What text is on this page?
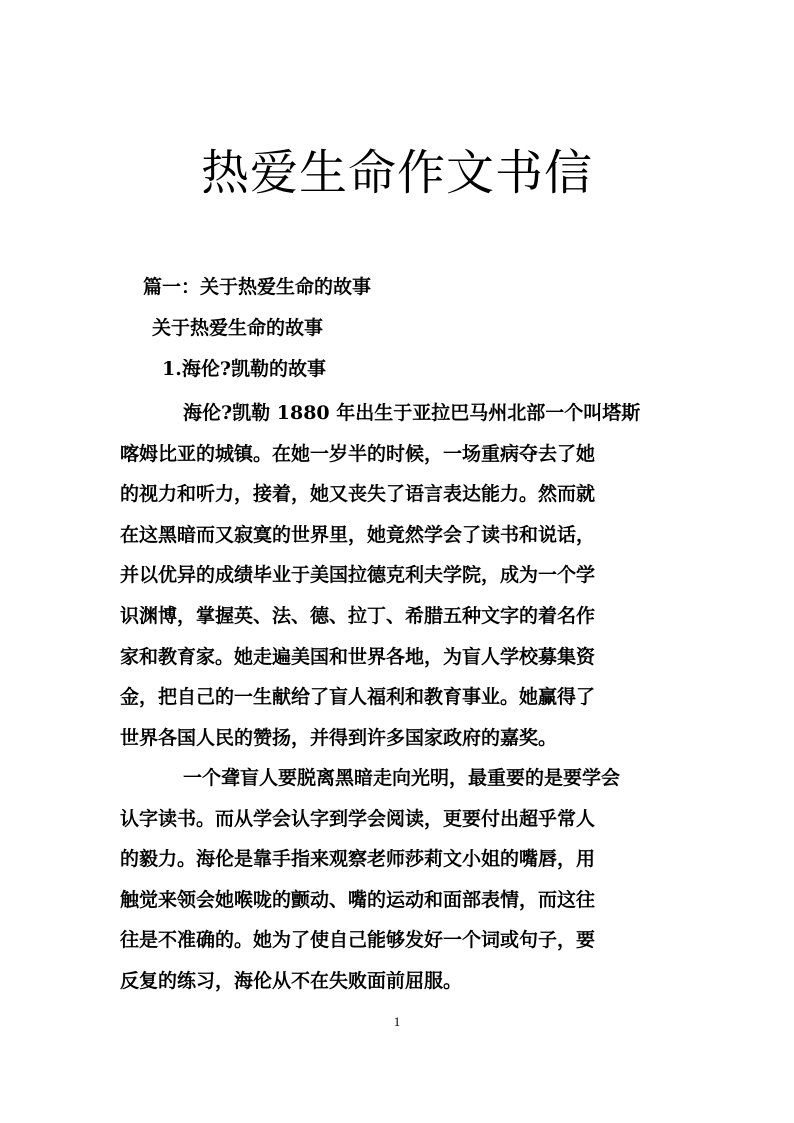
热爱生命作文书信

篇一：关于热爱生命的故事

关于热爱生命的故事

1.海伦?凯勒的故事

海伦?凯勒 1880 年出生于亚拉巴马州北部一个叫塔斯
喀姆比亚的城镇。在她一岁半的时候，一场重病夺去了她
的视力和听力，接着，她又丧失了语言表达能力。然而就
在这黑暗而又寂寞的世界里，她竟然学会了读书和说话，
并以优异的成绩毕业于美国拉德克利夫学院，成为一个学
识渊博，掌握英、法、德、拉丁、希腊五种文字的着名作
家和教育家。她走遍美国和世界各地，为盲人学校募集资
金，把自己的一生献给了盲人福利和教育事业。她赢得了
世界各国人民的赞扬，并得到许多国家政府的嘉奖。
一个聋盲人要脱离黑暗走向光明，最重要的是要学会
认字读书。而从学会认字到学会阅读，更要付出超乎常人
的毅力。海伦是靠手指来观察老师莎莉文小姐的嘴唇，用
触觉来领会她喉咙的颤动、嘴的运动和面部表情，而这往
往是不准确的。她为了使自己能够发好一个词或句子，要
反复的练习，海伦从不在失败面前屈服。
1
